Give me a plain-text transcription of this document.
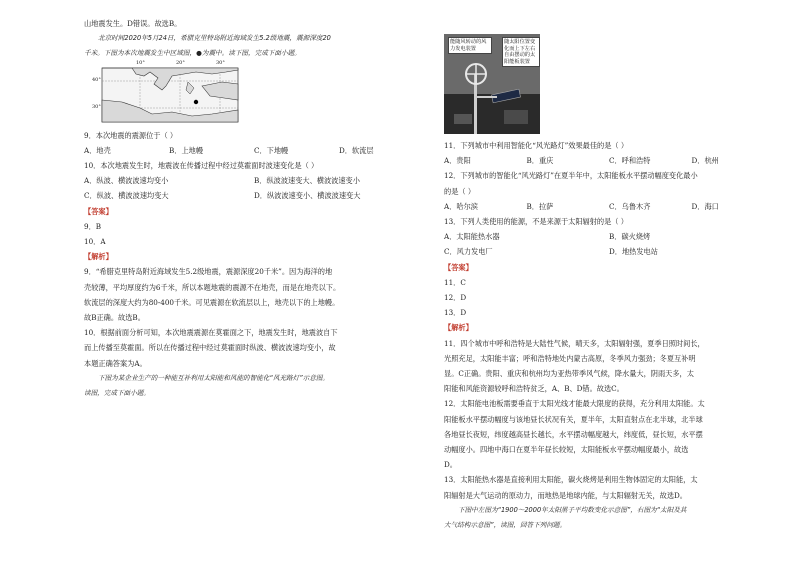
山地震发生。D错误。故选B。
北京时间2020年5月24日，希腊克里特岛附近海域发生5.2级地震，震源深度20
千米。下图为本次地震发生中区域图，●为震中。读下图，完成下面小题。
40°
30°
10°	20°	30°
9．本次地震的震源位于（ ）
A．地壳	B．上地幔	C．下地幔	D．软流层
10．本次地震发生时，地震波在传播过程中经过莫霍面时波速变化是（ ）
A．纵波、横波波速均变小	B．纵波波速变大、横波波速变小
C．纵波、横波波速均变大	D．纵波波速变小、横波波速变大
【答案】
9．B
10．A
【解析】
9．“希腊克里特岛附近海域发生5.2级地震，震源深度20千米”。因为海洋的地
壳较薄，平均厚度约为6千米，所以本题地震的震源不在地壳，而是在地壳以下。
软流层的深度大约为80-400千米。可见震源在软流层以上，地壳以下的上地幔。
故B正确。故选B。
10．根据前面分析可知，本次地震震源在莫霍面之下，地震发生时，地震波自下
而上传播至莫霍面。所以在传播过程中经过莫霍面时纵波、横波波速均变小，故
本题正确答案为A。
下图为某企业生产的一种能互补利用太阳能和风能的智能化“风光路灯”示意图。
读图，完成下面小题。
能随风转动的风力发电装置
随太阳位置变化而上下左右自由摆动的太阳能板装置
11．下列城市中利用智能化“风光路灯”效果最佳的是（ ）
A．贵阳	B．重庆	C．呼和浩特	D．杭州
12．下列城市的智能化“风光路灯”在夏半年中，太阳能板水平摆动幅度变化最小
的是（ ）
A．哈尔滨	B．拉萨	C．乌鲁木齐	D．海口
13．下列人类使用的能源，不是来源于太阳辐射的是（ ）
A．太阳能热水器	B．碳火烧烤
C．风力发电厂	D．地热发电站
【答案】
11．C
12．D
13．D
【解析】
11．四个城市中呼和浩特是大陆性气候，晴天多，太阳辐射强，夏季日照时间长，
光照充足，太阳能丰富；呼和浩特地处内蒙古高原，冬季风力强劲；冬夏互补明
显。C正确。贵阳、重庆和杭州均为亚热带季风气候，降水量大，阴雨天多，太
阳能和风能资源较呼和浩特贫乏，A、B、D错。故选C。
12．太阳能电池板需要垂直于太阳光线才能最大限度的获得，充分利用太阳能。太
阳能板水平摆动幅度与该地昼长状况有关，夏半年，太阳直射点在北半球，北半球
各地昼长夜短，纬度越高昼长越长，水平摆动幅度越大，纬度低，昼长短，水平摆
动幅度小。四地中海口在夏半年昼长较短，太阳能板水平摆动幅度最小，故选
D。
13．太阳能热水器是直接利用太阳能，碳火烧烤是利用生物体固定的太阳能，太
阳辐射是大气运动的原动力，而地热是地球内能，与太阳辐射无关，故选D。
下图中左图为“1900～2000年太阳黑子平均数变化示意图”，右图为“太阳及其
大气结构示意图”，读图，回答下列问题。
